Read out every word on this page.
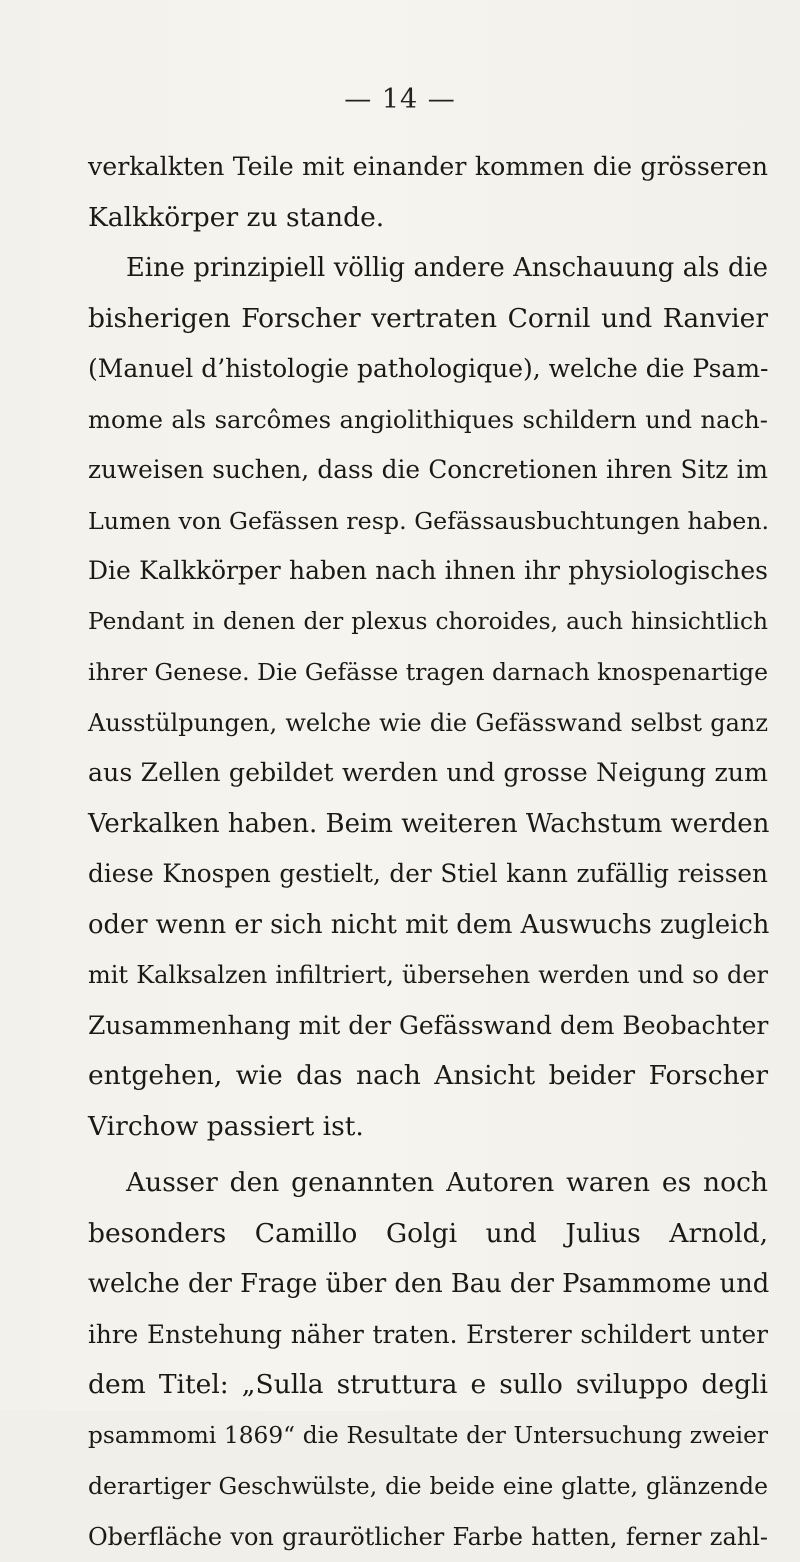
— 14 —
verkalkten Teile mit einander kommen die grösseren
Kalkkörper zu stande.
Eine prinzipiell völlig andere Anschauung als die
bisherigen Forscher vertraten Cornil und Ranvier
(Manuel d’histologie pathologique), welche die Psam-
mome als sarcômes angiolithiques schildern und nach-
zuweisen suchen, dass die Concretionen ihren Sitz im
Lumen von Gefässen resp. Gefässausbuchtungen haben.
Die Kalkkörper haben nach ihnen ihr physiologisches
Pendant in denen der plexus choroides, auch hinsichtlich
ihrer Genese. Die Gefässe tragen darnach knospenartige
Ausstülpungen, welche wie die Gefässwand selbst ganz
aus Zellen gebildet werden und grosse Neigung zum
Verkalken haben. Beim weiteren Wachstum werden
diese Knospen gestielt, der Stiel kann zufällig reissen
oder wenn er sich nicht mit dem Auswuchs zugleich
mit Kalksalzen infiltriert, übersehen werden und so der
Zusammenhang mit der Gefässwand dem Beobachter
entgehen, wie das nach Ansicht beider Forscher
Virchow passiert ist.
Ausser den genannten Autoren waren es noch
besonders Camillo Golgi und Julius Arnold,
welche der Frage über den Bau der Psammome und
ihre Enstehung näher traten. Ersterer schildert unter
dem Titel: „Sulla struttura e sullo sviluppo degli
psammomi 1869“ die Resultate der Untersuchung zweier
derartiger Geschwülste, die beide eine glatte, glänzende
Oberfläche von graurötlicher Farbe hatten, ferner zahl-
